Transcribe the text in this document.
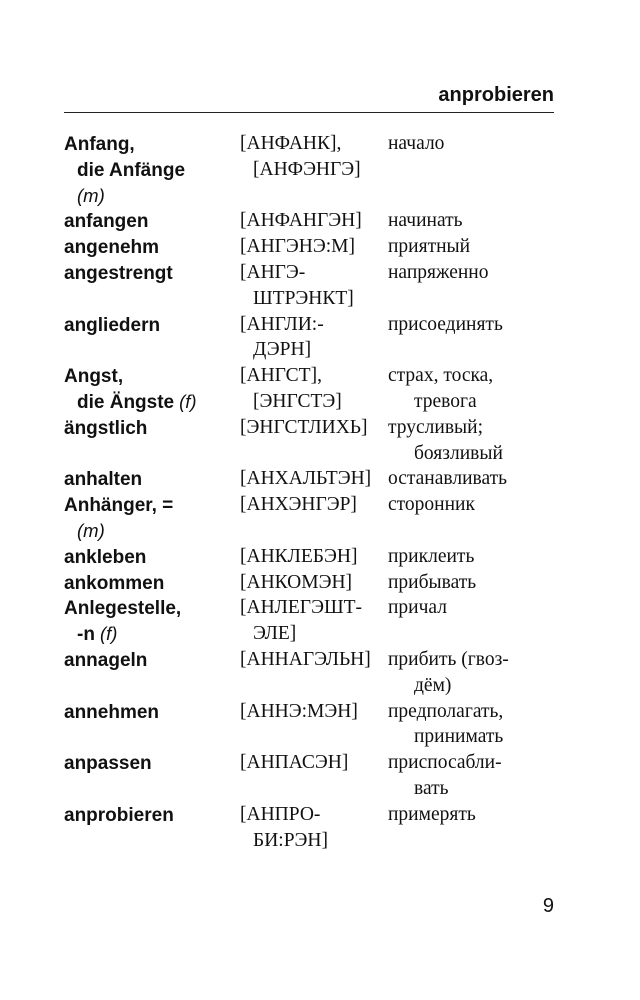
anprobieren
Anfang,	[АНФАНК],	начало
die Anfänge	[АНФЭНГЭ]
(m)
anfangen	[АНФАНГЭН]	начинать
angenehm	[АНГЭНЭ:М]	приятный
angestrengt	[АНГЭ-	напряженно
ШТРЭНКТ]
angliedern	[АНГЛИ:-	присоединять
ДЭРН]
Angst,	[АНГСТ],	страх, тоска,
die Ängste (f)	[ЭНГСТЭ]	тревога
ängstlich	[ЭНГСТЛИХЬ]	трусливый;
боязливый
anhalten	[АНХАЛЬТЭН] останавливать
Anhänger, =	[АНХЭНГЭР]	сторонник
(m)
ankleben	[АНКЛЕБЭН]	приклеить
ankommen	[АНКОМЭН]	прибывать
Anlegestelle,	[АНЛЕГЭШТ-	причал
-n (f)	ЭЛЕ]
annageln	[АННАГЭЛЬН] прибить (гвоз-
дём)
annehmen	[АННЭ:МЭН]	предполагать,
принимать
anpassen	[АНПАСЭН]	приспосабли-
вать
anprobieren	[АНПРО-	примерять
БИ:РЭН]
9
